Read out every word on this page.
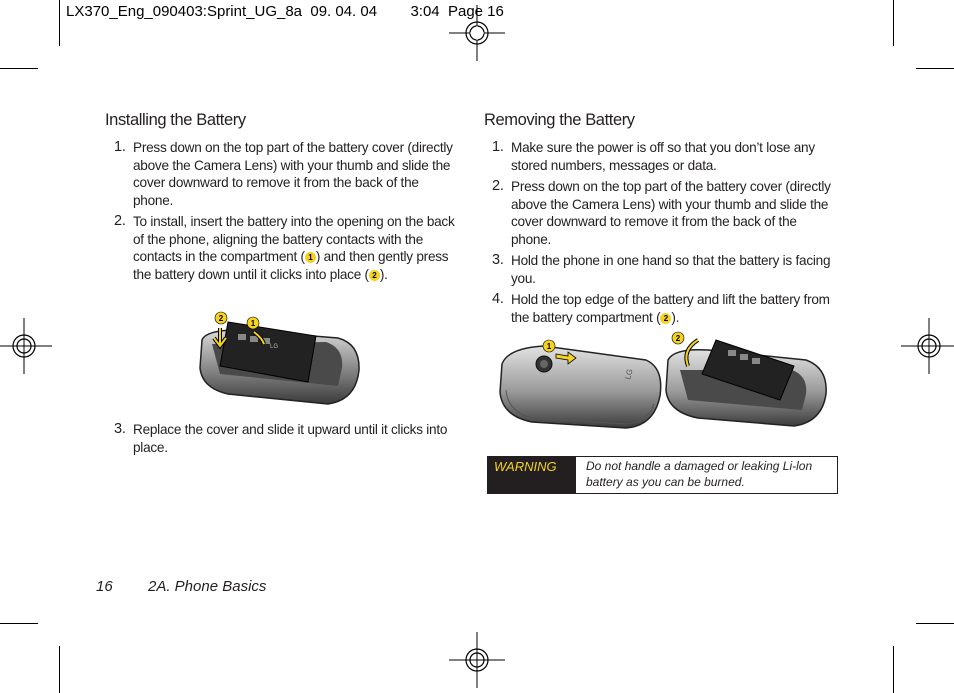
LX370_Eng_090403:Sprint_UG_8a  09. 04. 04 3:04  Page 16
Installing the Battery
1. Press down on the top part of the battery cover (directly above the Camera Lens) with your thumb and slide the cover downward to remove it from the back of the phone.
2. To install, insert the battery into the opening on the back of the phone, aligning the battery contacts with the contacts in the compartment ( 1 ) and then gently press the battery down until it clicks into place ( 2 ).
LG
2
1
3. Replace the cover and slide it upward until it clicks into place.
Removing the Battery
1. Make sure the power is off so that you don’t lose any stored numbers, messages or data.
2. Press down on the top part of the battery cover (directly above the Camera Lens) with your thumb and slide the cover downward to remove it from the back of the phone.
3. Hold the phone in one hand so that the battery is facing you.
4. Hold the top edge of the battery and lift the battery from the battery compartment ( 2 ).
LG
1
2
WARNING	Do not handle a damaged or leaking Li-lon battery as you can be burned.
16 2A. Phone Basics
